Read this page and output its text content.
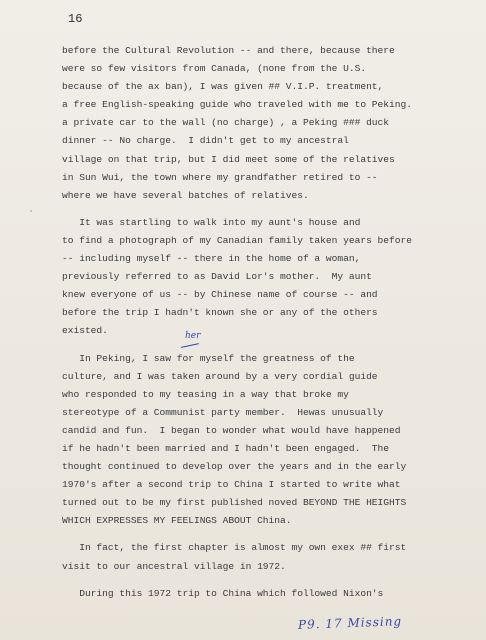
16
before the Cultural Revolution -- and there, because there
were so few visitors from Canada, (none from the U.S.
because of the ax ban), I was given ## V.I.P. treatment,
a free English-speaking guide who traveled with me to Peking.
a private car to the wall (no charge) , a Peking ### duck
dinner -- No charge.  I didn't get to my ancestral
village on that trip, but I did meet some of the relatives
in Sun Wui, the town where my grandfather retired to --
where we have several batches of relatives.
It was startling to walk into my aunt's house and
to find a photograph of my Canadian family taken years before
-- including myself -- there in the home of a woman,
previously referred to as David Lor's mother.  My aunt
knew everyone of us -- by Chinese name of course -- and
before the trip I hadn't known she or any of the others
existed.
In Peking, I saw for myself the greatness of the
culture, and I was taken around by a very cordial guide
who responded to my teasing in a way that broke my
stereotype of a Communist party member.  Hewas unusually
candid and fun.  I began to wonder what would have happened
if he hadn't been married and I hadn't been engaged.  The
thought continued to develop over the years and in the early
1970's after a second trip to China I started to write what
turned out to be my first published noved BEYOND THE HEIGHTS
WHICH EXPRESSES MY FEELINGS ABOUT China.
In fact, the first chapter is almost my own exex ## first
visit to our ancestral village in 1972.
During this 1972 trip to China which followed Nixon's
her
P9. 17 Missing
